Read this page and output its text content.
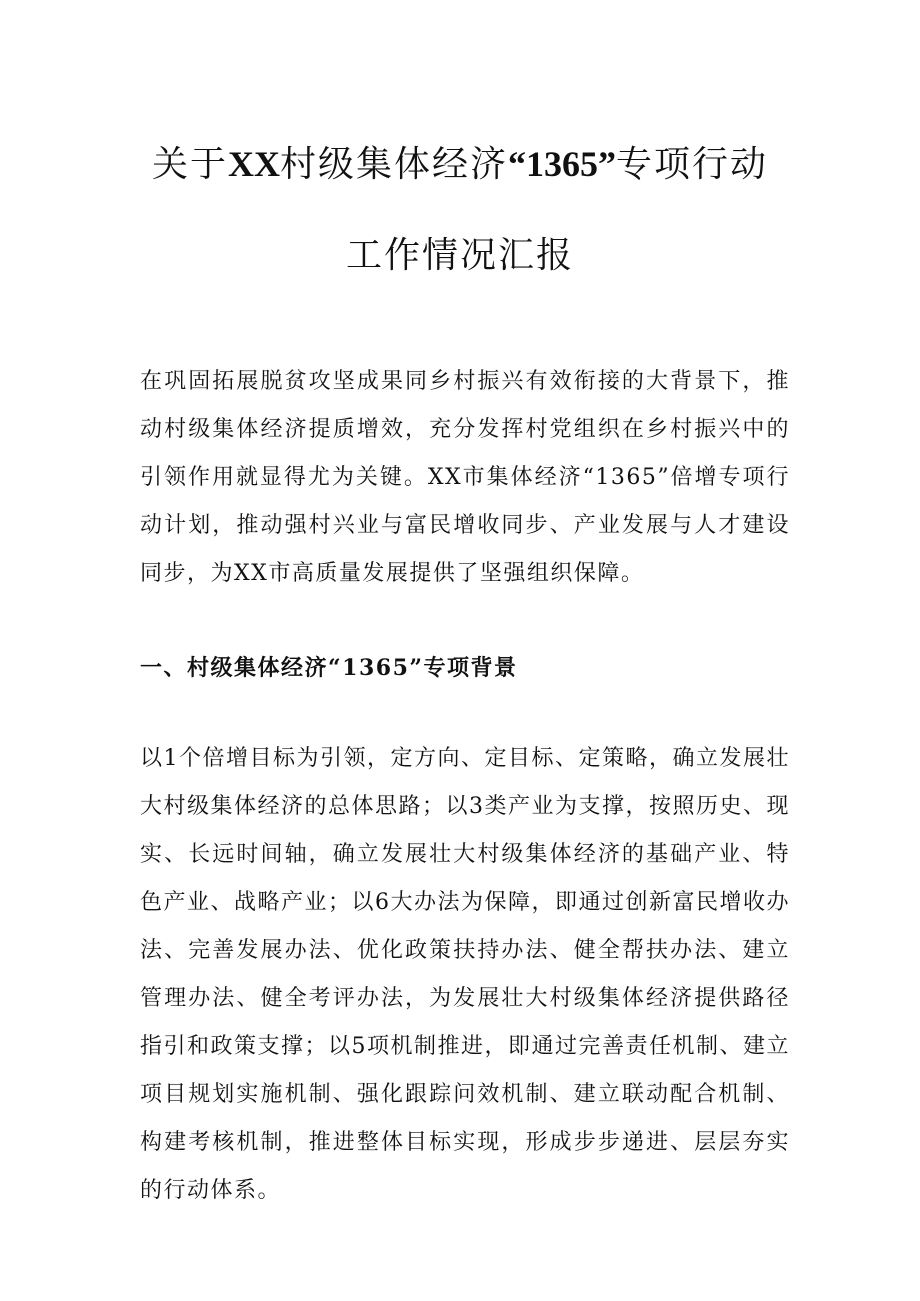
关于XX村级集体经济“1365”专项行动
工作情况汇报

在巩固拓展脱贫攻坚成果同乡村振兴有效衔接的大背景下，推动村级集体经济提质增效，充分发挥村党组织在乡村振兴中的引领作用就显得尤为关键。XX市集体经济“1365”倍增专项行动计划，推动强村兴业与富民增收同步、产业发展与人才建设同步，为XX市高质量发展提供了坚强组织保障。

一、村级集体经济“1365”专项背景

以1个倍增目标为引领，定方向、定目标、定策略，确立发展壮大村级集体经济的总体思路；以3类产业为支撑，按照历史、现实、长远时间轴，确立发展壮大村级集体经济的基础产业、特色产业、战略产业；以6大办法为保障，即通过创新富民增收办法、完善发展办法、优化政策扶持办法、健全帮扶办法、建立管理办法、健全考评办法，为发展壮大村级集体经济提供路径指引和政策支撑；以5项机制推进，即通过完善责任机制、建立项目规划实施机制、强化跟踪问效机制、建立联动配合机制、构建考核机制，推进整体目标实现，形成步步递进、层层夯实的行动体系。
